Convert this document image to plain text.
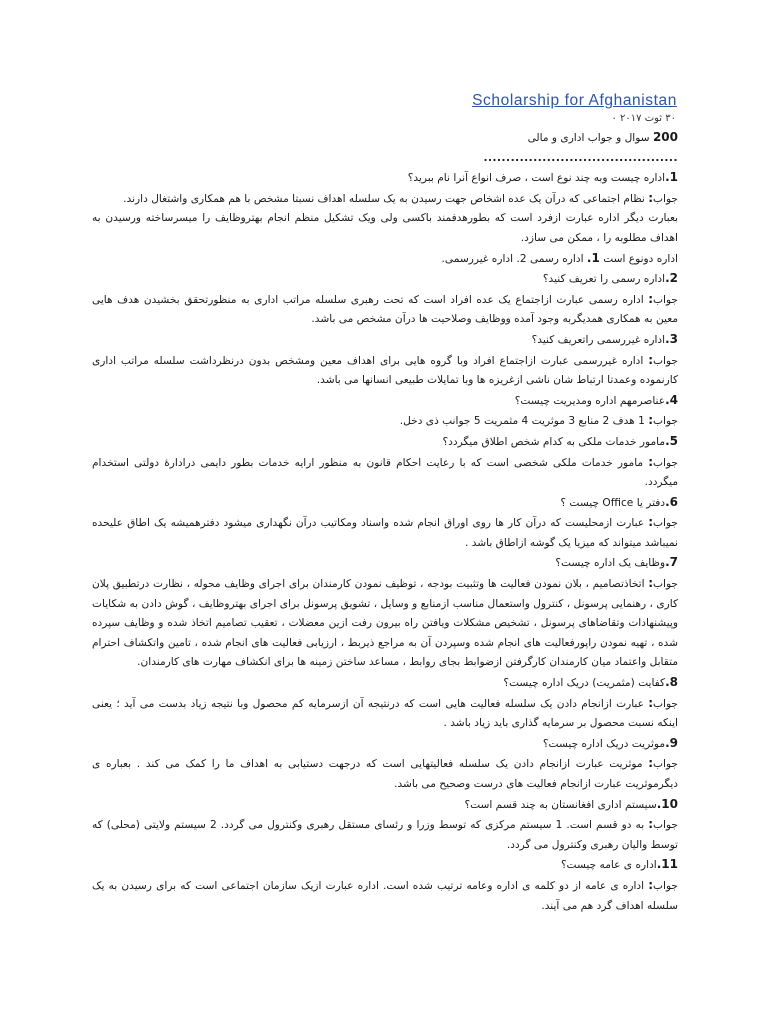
Scholarship for Afghanistan
۳۰ ثوت ۲۰۱۷ ۰

200 سوال و جواب اداری و مالی

...........................................

1.اداره چیست وبه چند نوع است ، صرف انواع آنرا نام ببرید؟

جواب: نظام اجتماعی که درآن یک عده اشخاص جهت رسیدن به یک سلسله اهداف نسبتا مشخص با هم همکاری واشتغال دارند.

بعبارت دیگر اداره عبارت ازفرد است که بطورهدفمند باکسی ولی ویک تشکیل منظم انجام بهتروظایف را میسرساخته ورسیدن به اهداف مطلوبه را ، ممکن می سازد.

اداره دونوع است 1. اداره رسمی 2. اداره غیررسمی.

2.اداره رسمی را تعریف کنید؟

جواب: اداره رسمی عبارت ازاجتماع یک عده افراد است که تحت رهبری سلسله مراتب اداری به منظورتحقق بخشیدن هدف هایی معین به همکاری همدیگربه وجود آمده ووظایف وصلاحیت ها درآن مشخص می باشد.

3.اداره غیررسمی راتعریف کنید؟

جواب: اداره غیررسمی عبارت ازاجتماع افراد وبا گروه هایی برای اهداف معین ومشخص بدون درنظرداشت سلسله مراتب اداری کارنموده وعمدتا ارتباط شان ناشی ازغریزه ها وبا تمایلات طبیعی انسانها می باشد.

4.عناصرمهم اداره ومدیریت چیست؟

جواب: 1 هدف 2 منابع 3 موثریت 4 مثمریت 5 جوانب ذی دخل.

5.مامور خدمات ملکی به کدام شخص اطلاق میگردد؟

جواب: مامور خدمات ملکی شخصی است که با رعایت احکام قانون به منظور ارایه خدمات بطور دایمی درادارۀ دولتی استخدام میگردد.

6.دفتر یا Office چیست ؟

جواب: عبارت ازمحلیست که درآن کار ها روی اوراق انجام شده واسناد ومکاتیب درآن نگهداری میشود دفترهمیشه یک اطاق علیحده نمیباشد میتواند که میزیا یک گوشه ازاطاق باشد .

7.وظایف یک اداره چیست؟

جواب: اتخاذتصامیم ، بلان نمودن فعالیت ها وتثبیت بودجه ، توظیف نمودن کارمندان برای اجرای وظایف محوله ، نظارت درتطبیق پلان کاری ، رهنمایی پرسونل ، کنترول واستعمال مناسب ازمنابع و وسایل ، تشویق پرسونل برای اجرای بهتروظایف ، گوش دادن به شکایات وپیشنهادات وتقاضاهای پرسونل ، تشخیص مشکلات ویافتن راه بیرون رفت ازین معضلات ، تعقیب تصامیم اتخاذ شده و وظایف سپرده شده ، تهیه نمودن راپورفعالیت های انجام شده وسپردن آن به مراجع ذیربط ، ارزیابی فعالیت های انجام شده ، تامین واتکشاف احترام متقابل واعتماد میان کارمندان کارگرفتن ازضوابط بجای روابط ، مساعد ساختن زمینه ها برای انکشاف مهارت های کارمندان.

8.کفایت (مثمریت) دریک اداره چیست؟

جواب: عبارت ازانجام دادن یک سلسله فعالیت هایی است که درنتیجه آن ازسرمایه کم محصول وبا نتیجه زیاد بدست می آید ؛ یعنی اینکه نسبت محصول بر سرمایه گذاری باید زیاد باشد .

9.موثریت دریک اداره چیست؟

جواب: موثریت عبارت ازانجام دادن یک سلسله فعالیتهایی است که درجهت دستیابی به اهداف ما را کمک می کند . بعباره ی دیگرموثریت عبارت ازانجام فعالیت های درست وصحیح می باشد.

10.سیستم اداری افغانستان به چند قسم است؟

جواب: به دو قسم است. 1 سیستم مرکزی که توسط وزرا و رئسای مستقل رهبری وکنترول می گردد. 2 سیستم ولایتی (محلی) که توسط والیان رهبری وکنترول می گردد.

11.اداره ی عامه چیست؟

جواب: اداره ی عامه از دو کلمه ی اداره وعامه ترتیب شده است. اداره عبارت ازیک سازمان اجتماعی است که برای رسیدن به یک سلسله اهداف گرد هم می آیند.
